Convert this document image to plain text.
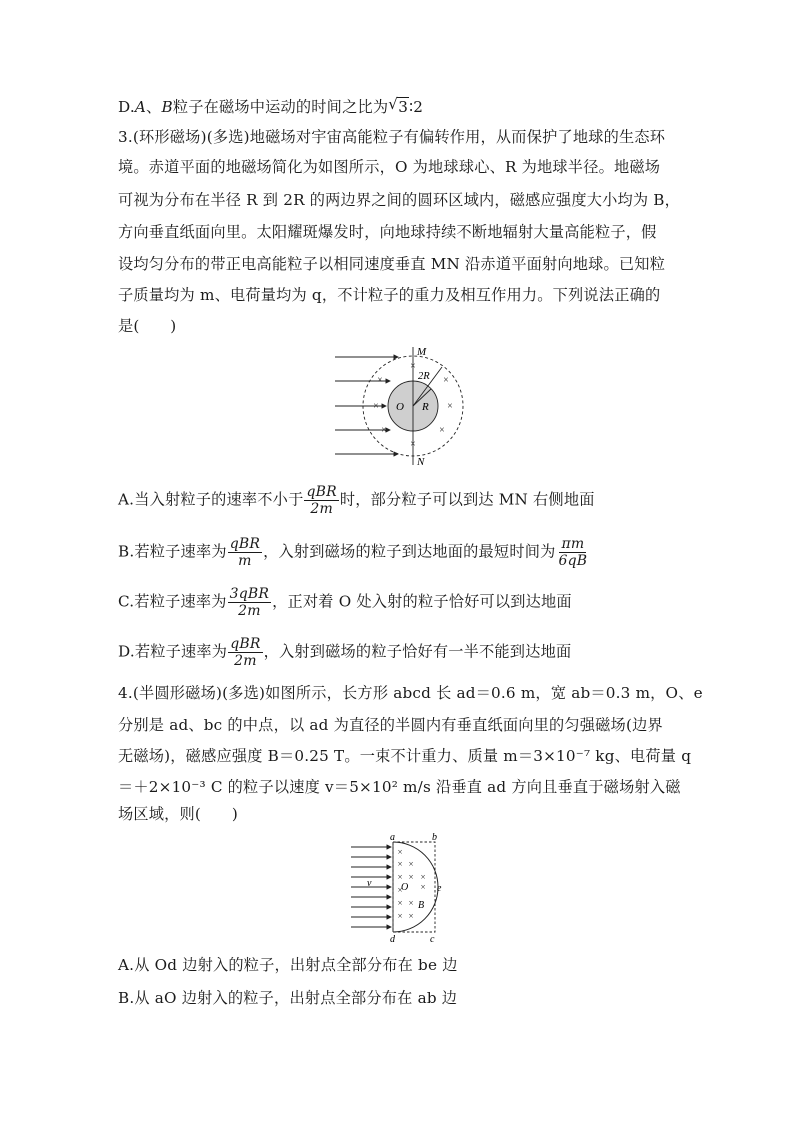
D.A、B粒子在磁场中运动的时间之比为 √ 3∶2
3.(环形磁场)(多选)地磁场对宇宙高能粒子有偏转作用，从而保护了地球的生态环
境。赤道平面的地磁场简化为如图所示，O 为地球球心、R 为地球半径。地磁场
可视为分布在半径 R 到 2R 的两边界之间的圆环区域内，磁感应强度大小均为 B，
方向垂直纸面向里。太阳耀斑爆发时，向地球持续不断地辐射大量高能粒子，假
设均匀分布的带正电高能粒子以相同速度垂直 MN 沿赤道平面射向地球。已知粒
子质量均为 m、电荷量均为 q，不计粒子的重力及相互作用力。下列说法正确的
是(　　)
×	×
×	×
×	×
×
×
M
N
2R
O R
A.当入射粒子的速率不小于 $\frac{\text{qBR}}{2m}$ 时，部分粒子可以到达 MN 右侧地面
B.若粒子速率为 $\frac{\text{qBR}}{m}$ ，入射到磁场的粒子到达地面的最短时间为 $\frac{\pi m}{6qB}$
C.若粒子速率为 $\frac{\text{3qBR}}{2m}$ ，正对着 O 处入射的粒子恰好可以到达地面
D.若粒子速率为 $\frac{\text{qBR}}{2m}$ ，入射到磁场的粒子恰好有一半不能到达地面
4.(半圆形磁场)(多选)如图所示，长方形 abcd 长 ad＝0.6 m，宽 ab＝0.3 m，O、e
分别是 ad、bc 的中点，以 ad 为直径的半圆内有垂直纸面向里的匀强磁场(边界
无磁场)，磁感应强度 B＝0.25 T。一束不计重力、质量 m＝3×10⁻⁷ kg、电荷量 q
＝＋2×10⁻³ C 的粒子以速度 v＝5×10² m/s 沿垂直 ad 方向且垂直于磁场射入磁
场区域，则(　　)
×
× ×
× × ×
× ×
× ×
× ×
a	b
d	c
e
O
B
v
A.从 Od 边射入的粒子，出射点全部分布在 be 边
B.从 aO 边射入的粒子，出射点全部分布在 ab 边
